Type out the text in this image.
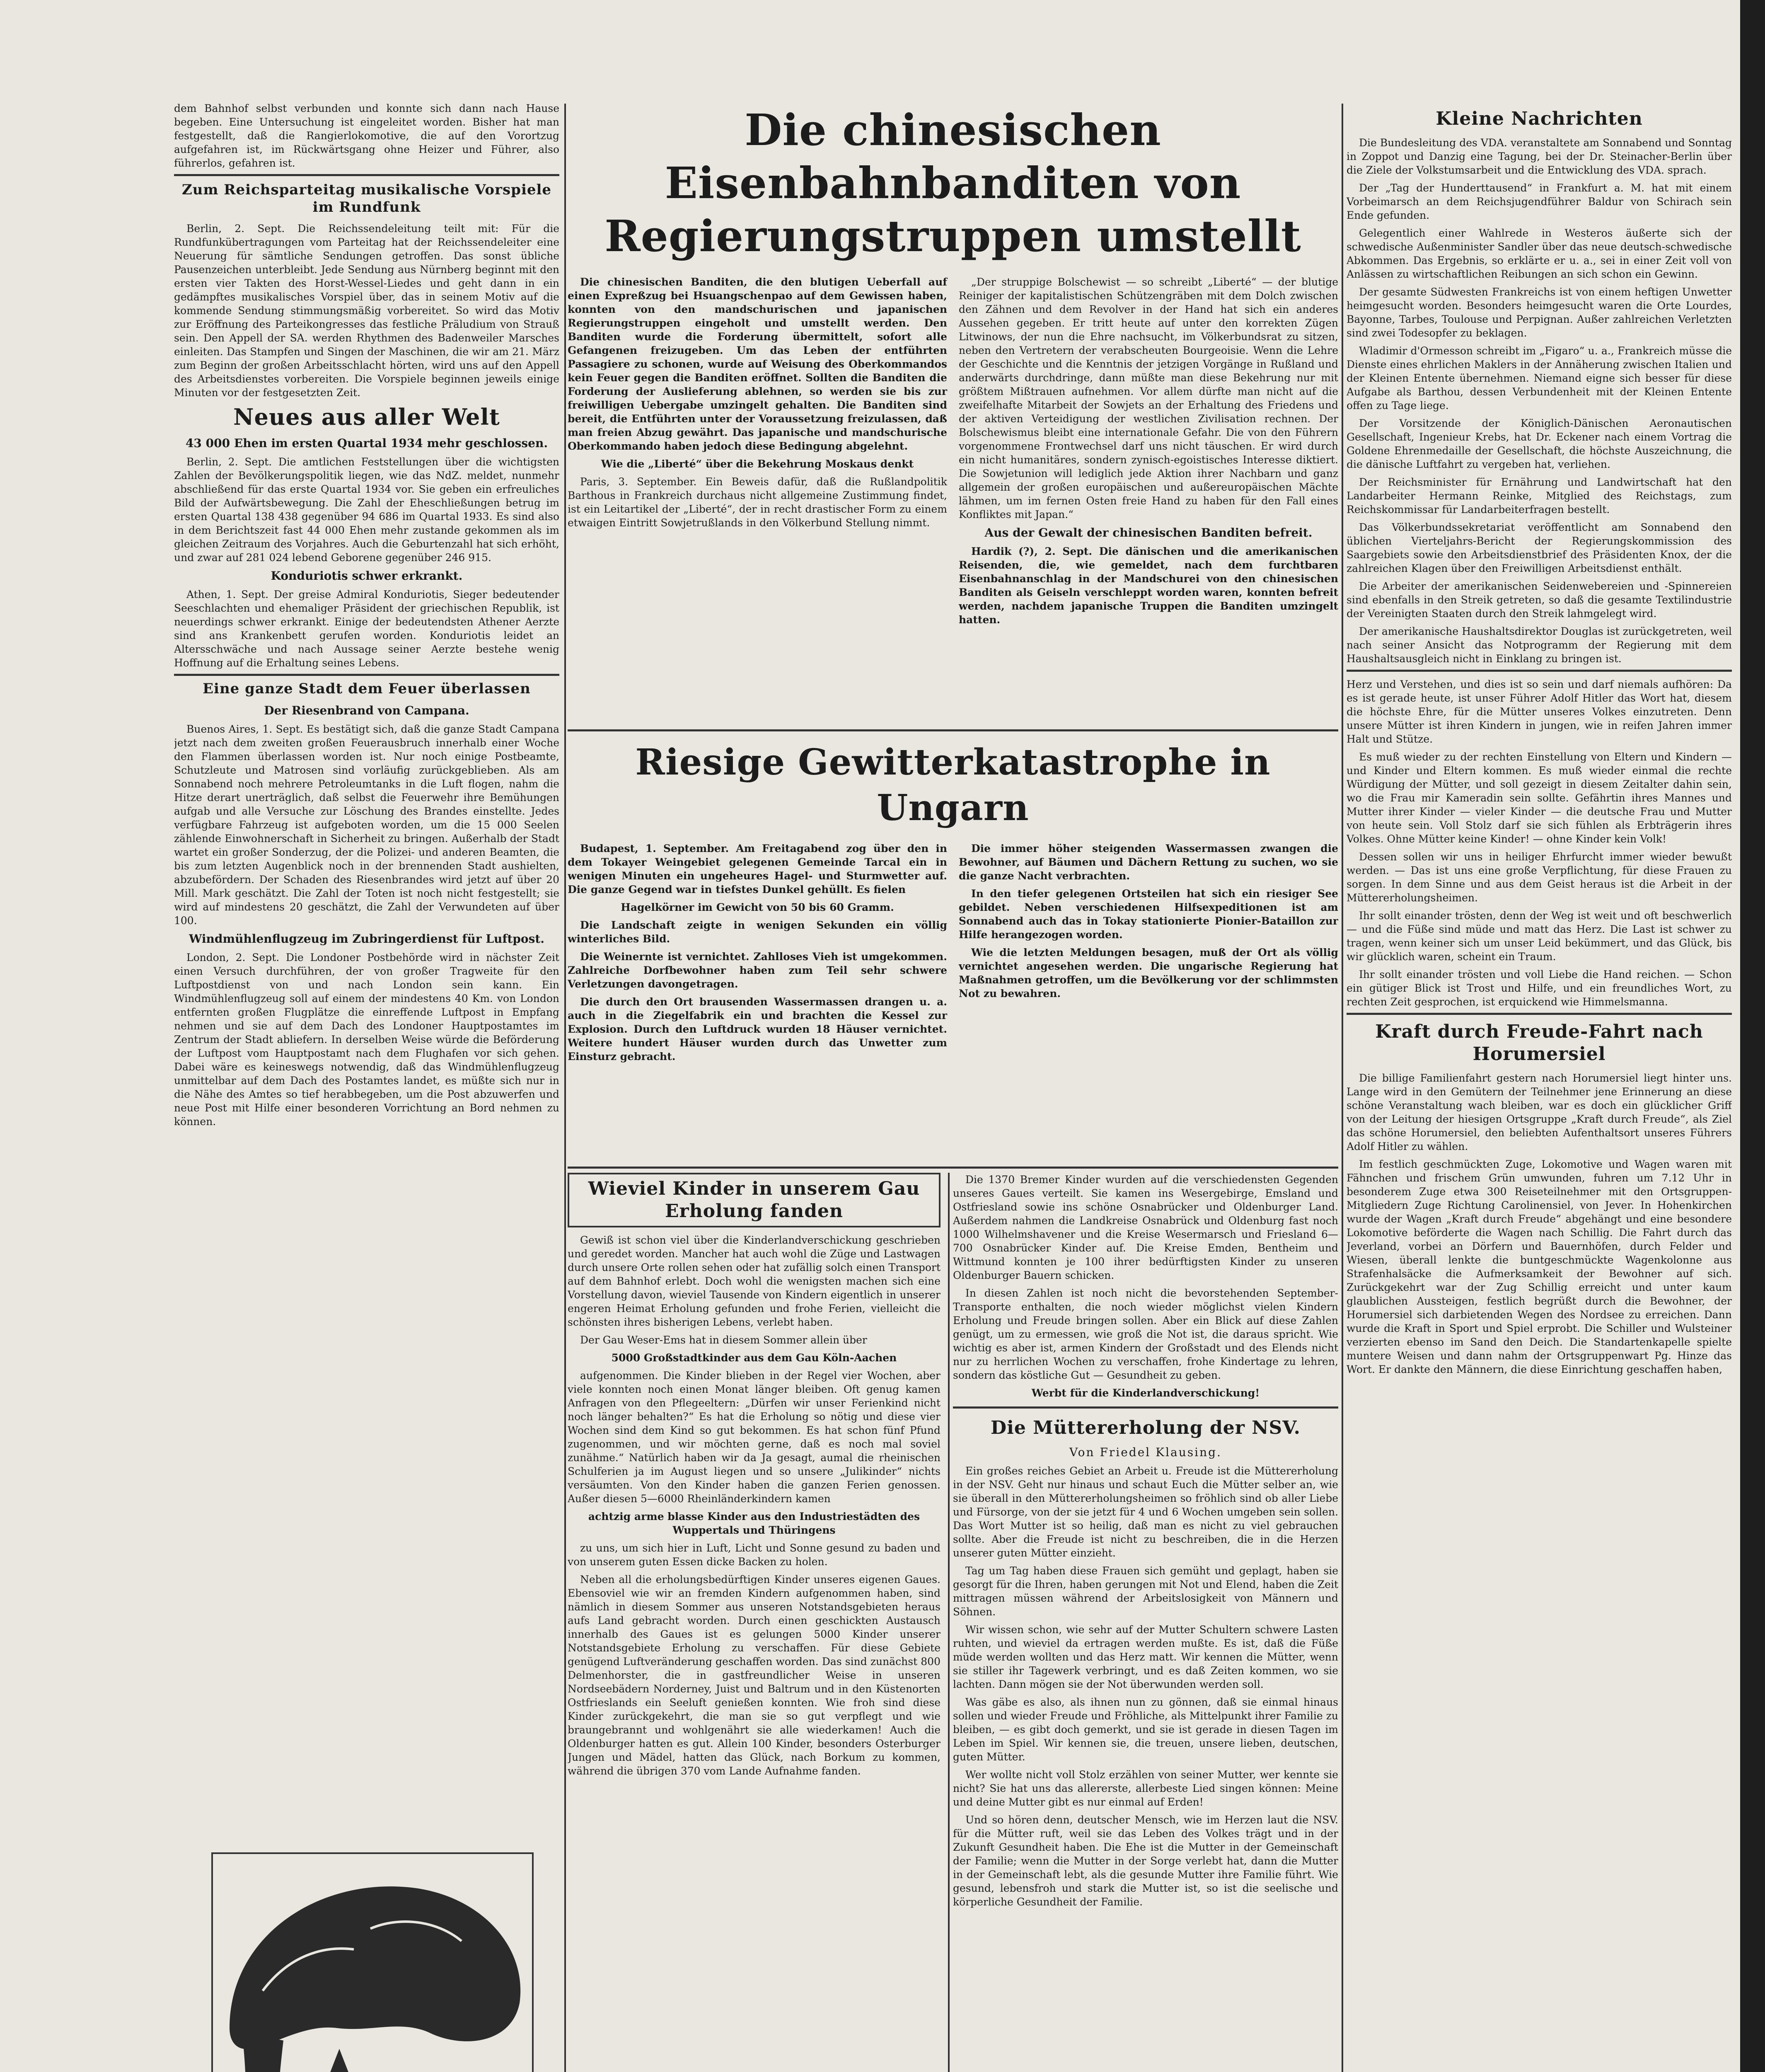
dem Bahnhof selbst verbunden und konnte sich dann nach Hause begeben. Eine Untersuchung ist eingeleitet worden. Bisher hat man festgestellt, daß die Rangierlokomotive, die auf den Vorortzug aufgefahren ist, im Rückwärtsgang ohne Heizer und Führer, also führerlos, gefahren ist.

Zum Reichsparteitag musikalische Vorspiele im Rundfunk

Berlin, 2. Sept. Die Reichssendeleitung teilt mit: Für die Rundfunkübertragungen vom Parteitag hat der Reichssendeleiter eine Neuerung für sämtliche Sendungen getroffen. Das sonst übliche Pausenzeichen unterbleibt. Jede Sendung aus Nürnberg beginnt mit den ersten vier Takten des Horst-Wessel-Liedes und geht dann in ein gedämpftes musikalisches Vorspiel über, das in seinem Motiv auf die kommende Sendung stimmungsmäßig vorbereitet. So wird das Motiv zur Eröffnung des Parteikongresses das festliche Präludium von Strauß sein. Den Appell der SA. werden Rhythmen des Badenweiler Marsches einleiten. Das Stampfen und Singen der Maschinen, die wir am 21. März zum Beginn der großen Arbeitsschlacht hörten, wird uns auf den Appell des Arbeitsdienstes vorbereiten. Die Vorspiele beginnen jeweils einige Minuten vor der festgesetzten Zeit.

Neues aus aller Welt
43 000 Ehen im ersten Quartal 1934 mehr geschlossen.

Berlin, 2. Sept. Die amtlichen Feststellungen über die wichtigsten Zahlen der Bevölkerungspolitik liegen, wie das NdZ. meldet, nunmehr abschließend für das erste Quartal 1934 vor. Sie geben ein erfreuliches Bild der Aufwärtsbewegung. Die Zahl der Eheschließungen betrug im ersten Quartal 138 438 gegenüber 94 686 im Quartal 1933. Es sind also in dem Berichtszeit fast 44 000 Ehen mehr zustande gekommen als im gleichen Zeitraum des Vorjahres. Auch die Geburtenzahl hat sich erhöht, und zwar auf 281 024 lebend Geborene gegenüber 246 915.

Konduriotis schwer erkrankt.

Athen, 1. Sept. Der greise Admiral Konduriotis, Sieger bedeutender Seeschlachten und ehemaliger Präsident der griechischen Republik, ist neuerdings schwer erkrankt. Einige der bedeutendsten Athener Aerzte sind ans Krankenbett gerufen worden. Konduriotis leidet an Altersschwäche und nach Aussage seiner Aerzte bestehe wenig Hoffnung auf die Erhaltung seines Lebens.

Eine ganze Stadt dem Feuer überlassen
Der Riesenbrand von Campana.

Buenos Aires, 1. Sept. Es bestätigt sich, daß die ganze Stadt Campana jetzt nach dem zweiten großen Feuerausbruch innerhalb einer Woche den Flammen überlassen worden ist. Nur noch einige Postbeamte, Schutzleute und Matrosen sind vorläufig zurückgeblieben. Als am Sonnabend noch mehrere Petroleumtanks in die Luft flogen, nahm die Hitze derart unerträglich, daß selbst die Feuerwehr ihre Bemühungen aufgab und alle Versuche zur Löschung des Brandes einstellte. Jedes verfügbare Fahrzeug ist aufgeboten worden, um die 15 000 Seelen zählende Einwohnerschaft in Sicherheit zu bringen. Außerhalb der Stadt wartet ein großer Sonderzug, der die Polizei- und anderen Beamten, die bis zum letzten Augenblick noch in der brennenden Stadt aushielten, abzubefördern. Der Schaden des Riesenbrandes wird jetzt auf über 20 Mill. Mark geschätzt. Die Zahl der Toten ist noch nicht festgestellt; sie wird auf mindestens 20 geschätzt, die Zahl der Verwundeten auf über 100.

Windmühlenflugzeug im Zubringerdienst für Luftpost.

London, 2. Sept. Die Londoner Postbehörde wird in nächster Zeit einen Versuch durchführen, der von großer Tragweite für den Luftpostdienst von und nach London sein kann. Ein Windmühlenflugzeug soll auf einem der mindestens 40 Km. von London entfernten großen Flugplätze die einreffende Luftpost in Empfang nehmen und sie auf dem Dach des Londoner Hauptpostamtes im Zentrum der Stadt abliefern. In derselben Weise würde die Beförderung der Luftpost vom Hauptpostamt nach dem Flughafen vor sich gehen. Dabei wäre es keineswegs notwendig, daß das Windmühlenflugzeug unmittelbar auf dem Dach des Postamtes landet, es müßte sich nur in die Nähe des Amtes so tief herabbegeben, um die Post abzuwerfen und neue Post mit Hilfe einer besonderen Vorrichtung an Bord nehmen zu können.

Die chinesischen Eisenbahnbanditen von Regierungstruppen umstellt

Die chinesischen Banditen, die den blutigen Ueberfall auf einen Expreßzug bei Hsuangschenpao auf dem Gewissen haben, konnten von den mandschurischen und japanischen Regierungstruppen eingeholt und umstellt werden. Den Banditen wurde die Forderung übermittelt, sofort alle Gefangenen freizugeben. Um das Leben der entführten Passagiere zu schonen, wurde auf Weisung des Oberkommandos kein Feuer gegen die Banditen eröffnet. Sollten die Banditen die Forderung der Auslieferung ablehnen, so werden sie bis zur freiwilligen Uebergabe umzingelt gehalten. Die Banditen sind bereit, die Entführten unter der Voraussetzung freizulassen, daß man freien Abzug gewährt. Das japanische und mandschurische Oberkommando haben jedoch diese Bedingung abgelehnt.

Wie die „Liberté“ über die Bekehrung Moskaus denkt

Paris, 3. September. Ein Beweis dafür, daß die Rußlandpolitik Barthous in Frankreich durchaus nicht allgemeine Zustimmung findet, ist ein Leitartikel der „Liberté“, der in recht drastischer Form zu einem etwaigen Eintritt Sowjetrußlands in den Völkerbund Stellung nimmt.

„Der struppige Bolschewist — so schreibt „Liberté“ — der blutige Reiniger der kapitalistischen Schützengräben mit dem Dolch zwischen den Zähnen und dem Revolver in der Hand hat sich ein anderes Aussehen gegeben. Er tritt heute auf unter den korrekten Zügen Litwinows, der nun die Ehre nachsucht, im Völkerbundsrat zu sitzen, neben den Vertretern der verabscheuten Bourgeoisie. Wenn die Lehre der Geschichte und die Kenntnis der jetzigen Vorgänge in Rußland und anderwärts durchdringe, dann müßte man diese Bekehrung nur mit größtem Mißtrauen aufnehmen. Vor allem dürfte man nicht auf die zweifelhafte Mitarbeit der Sowjets an der Erhaltung des Friedens und der aktiven Verteidigung der westlichen Zivilisation rechnen. Der Bolschewismus bleibt eine internationale Gefahr. Die von den Führern vorgenommene Frontwechsel darf uns nicht täuschen. Er wird durch ein nicht humanitäres, sondern zynisch-egoistisches Interesse diktiert. Die Sowjetunion will lediglich jede Aktion ihrer Nachbarn und ganz allgemein der großen europäischen und außereuropäischen Mächte lähmen, um im fernen Osten freie Hand zu haben für den Fall eines Konfliktes mit Japan.“

Aus der Gewalt der chinesischen Banditen befreit.

Hardik (?), 2. Sept. Die dänischen und die amerikanischen Reisenden, die, wie gemeldet, nach dem furchtbaren Eisenbahnanschlag in der Mandschurei von den chinesischen Banditen als Geiseln verschleppt worden waren, konnten befreit werden, nachdem japanische Truppen die Banditen umzingelt hatten.

Riesige Gewitterkatastrophe in Ungarn

Budapest, 1. September. Am Freitagabend zog über den in dem Tokayer Weingebiet gelegenen Gemeinde Tarcal ein in wenigen Minuten ein ungeheures Hagel- und Sturmwetter auf. Die ganze Gegend war in tiefstes Dunkel gehüllt. Es fielen

Hagelkörner im Gewicht von 50 bis 60 Gramm.

Die Landschaft zeigte in wenigen Sekunden ein völlig winterliches Bild.

Die Weinernte ist vernichtet. Zahlloses Vieh ist umgekommen. Zahlreiche Dorfbewohner haben zum Teil sehr schwere Verletzungen davongetragen.

Die durch den Ort brausenden Wassermassen drangen u. a. auch in die Ziegelfabrik ein und brachten die Kessel zur Explosion. Durch den Luftdruck wurden 18 Häuser vernichtet. Weitere hundert Häuser wurden durch das Unwetter zum Einsturz gebracht.

Die immer höher steigenden Wassermassen zwangen die Bewohner, auf Bäumen und Dächern Rettung zu suchen, wo sie die ganze Nacht verbrachten.

In den tiefer gelegenen Ortsteilen hat sich ein riesiger See gebildet. Neben verschiedenen Hilfsexpeditionen ist am Sonnabend auch das in Tokay stationierte Pionier-Bataillon zur Hilfe herangezogen worden.

Wie die letzten Meldungen besagen, muß der Ort als völlig vernichtet angesehen werden. Die ungarische Regierung hat Maßnahmen getroffen, um die Bevölkerung vor der schlimmsten Not zu bewahren.

Wieviel Kinder in unserem Gau Erholung fanden

Gewiß ist schon viel über die Kinderlandverschickung geschrieben und geredet worden. Mancher hat auch wohl die Züge und Lastwagen durch unsere Orte rollen sehen oder hat zufällig solch einen Transport auf dem Bahnhof erlebt. Doch wohl die wenigsten machen sich eine Vorstellung davon, wieviel Tausende von Kindern eigentlich in unserer engeren Heimat Erholung gefunden und frohe Ferien, vielleicht die schönsten ihres bisherigen Lebens, verlebt haben.

Der Gau Weser-Ems hat in diesem Sommer allein über

5000 Großstadtkinder aus dem Gau Köln-Aachen

aufgenommen. Die Kinder blieben in der Regel vier Wochen, aber viele konnten noch einen Monat länger bleiben. Oft genug kamen Anfragen von den Pflegeeltern: „Dürfen wir unser Ferienkind nicht noch länger behalten?“ Es hat die Erholung so nötig und diese vier Wochen sind dem Kind so gut bekommen. Es hat schon fünf Pfund zugenommen, und wir möchten gerne, daß es noch mal soviel zunähme.“ Natürlich haben wir da Ja gesagt, aumal die rheinischen Schulferien ja im August liegen und so unsere „Julikinder“ nichts versäumten. Von den Kinder haben die ganzen Ferien genossen. Außer diesen 5—6000 Rheinländerkindern kamen

achtzig arme blasse Kinder aus den Industriestädten des Wuppertals und Thüringens

zu uns, um sich hier in Luft, Licht und Sonne gesund zu baden und von unserem guten Essen dicke Backen zu holen.

Neben all die erholungsbedürftigen Kinder unseres eigenen Gaues. Ebensoviel wie wir an fremden Kindern aufgenommen haben, sind nämlich in diesem Sommer aus unseren Notstandsgebieten heraus aufs Land gebracht worden. Durch einen geschickten Austausch innerhalb des Gaues ist es gelungen 5000 Kinder unserer Notstandsgebiete Erholung zu verschaffen. Für diese Gebiete genügend Luftveränderung geschaffen worden. Das sind zunächst 800 Delmenhorster, die in gastfreundlicher Weise in unseren Nordseebädern Norderney, Juist und Baltrum und in den Küstenorten Ostfrieslands ein Seeluft genießen konnten. Wie froh sind diese Kinder zurückgekehrt, die man sie so gut verpflegt und wie braungebrannt und wohlgenährt sie alle wiederkamen! Auch die Oldenburger hatten es gut. Allein 100 Kinder, besonders Osterburger Jungen und Mädel, hatten das Glück, nach Borkum zu kommen, während die übrigen 370 vom Lande Aufnahme fanden.

Die 1370 Bremer Kinder wurden auf die verschiedensten Gegenden unseres Gaues verteilt. Sie kamen ins Wesergebirge, Emsland und Ostfriesland sowie ins schöne Osnabrücker und Oldenburger Land. Außerdem nahmen die Landkreise Osnabrück und Oldenburg fast noch 1000 Wilhelmshavener und die Kreise Wesermarsch und Friesland 6—700 Osnabrücker Kinder auf. Die Kreise Emden, Bentheim und Wittmund konnten je 100 ihrer bedürftigsten Kinder zu unseren Oldenburger Bauern schicken.

In diesen Zahlen ist noch nicht die bevorstehenden September-Transporte enthalten, die noch wieder möglichst vielen Kindern Erholung und Freude bringen sollen. Aber ein Blick auf diese Zahlen genügt, um zu ermessen, wie groß die Not ist, die daraus spricht. Wie wichtig es aber ist, armen Kindern der Großstadt und des Elends nicht nur zu herrlichen Wochen zu verschaffen, frohe Kindertage zu lehren, sondern das köstliche Gut — Gesundheit zu geben.

Werbt für die Kinderlandverschickung!

Die Müttererholung der NSV.
Von Friedel Klausing.

Ein großes reiches Gebiet an Arbeit u. Freude ist die Müttererholung in der NSV. Geht nur hinaus und schaut Euch die Mütter selber an, wie sie überall in den Müttererholungsheimen so fröhlich sind ob aller Liebe und Fürsorge, von der sie jetzt für 4 und 6 Wochen umgeben sein sollen. Das Wort Mutter ist so heilig, daß man es nicht zu viel gebrauchen sollte. Aber die Freude ist nicht zu beschreiben, die in die Herzen unserer guten Mütter einzieht.

Tag um Tag haben diese Frauen sich gemüht und geplagt, haben sie gesorgt für die Ihren, haben gerungen mit Not und Elend, haben die Zeit mittragen müssen während der Arbeitslosigkeit von Männern und Söhnen.

Wir wissen schon, wie sehr auf der Mutter Schultern schwere Lasten ruhten, und wieviel da ertragen werden mußte. Es ist, daß die Füße müde werden wollten und das Herz matt. Wir kennen die Mütter, wenn sie stiller ihr Tagewerk verbringt, und es daß Zeiten kommen, wo sie lachten. Dann mögen sie der Not überwunden werden soll.

Was gäbe es also, als ihnen nun zu gönnen, daß sie einmal hinaus sollen und wieder Freude und Fröhliche, als Mittelpunkt ihrer Familie zu bleiben, — es gibt doch gemerkt, und sie ist gerade in diesen Tagen im Leben im Spiel. Wir kennen sie, die treuen, unsere lieben, deutschen, guten Mütter.

Wer wollte nicht voll Stolz erzählen von seiner Mutter, wer kennte sie nicht? Sie hat uns das allererste, allerbeste Lied singen können: Meine und deine Mutter gibt es nur einmal auf Erden!

Und so hören denn, deutscher Mensch, wie im Herzen laut die NSV. für die Mütter ruft, weil sie das Leben des Volkes trägt und in der Zukunft Gesundheit haben. Die Ehe ist die Mutter in der Gemeinschaft der Familie; wenn die Mutter in der Sorge verlebt hat, dann die Mutter in der Gemeinschaft lebt, als die gesunde Mutter ihre Familie führt. Wie gesund, lebensfroh und stark die Mutter ist, so ist die seelische und körperliche Gesundheit der Familie.

Kleine Nachrichten

Die Bundesleitung des VDA. veranstaltete am Sonnabend und Sonntag in Zoppot und Danzig eine Tagung, bei der Dr. Steinacher-Berlin über die Ziele der Volkstumsarbeit und die Entwicklung des VDA. sprach.

Der „Tag der Hunderttausend“ in Frankfurt a. M. hat mit einem Vorbeimarsch an dem Reichsjugendführer Baldur von Schirach sein Ende gefunden.

Gelegentlich einer Wahlrede in Westeros äußerte sich der schwedische Außenminister Sandler über das neue deutsch-schwedische Abkommen. Das Ergebnis, so erklärte er u. a., sei in einer Zeit voll von Anlässen zu wirtschaftlichen Reibungen an sich schon ein Gewinn.

Der gesamte Südwesten Frankreichs ist von einem heftigen Unwetter heimgesucht worden. Besonders heimgesucht waren die Orte Lourdes, Bayonne, Tarbes, Toulouse und Perpignan. Außer zahlreichen Verletzten sind zwei Todesopfer zu beklagen.

Wladimir d'Ormesson schreibt im „Figaro“ u. a., Frankreich müsse die Dienste eines ehrlichen Maklers in der Annäherung zwischen Italien und der Kleinen Entente übernehmen. Niemand eigne sich besser für diese Aufgabe als Barthou, dessen Verbundenheit mit der Kleinen Entente offen zu Tage liege.

Der Vorsitzende der Königlich-Dänischen Aeronautischen Gesellschaft, Ingenieur Krebs, hat Dr. Eckener nach einem Vortrag die Goldene Ehrenmedaille der Gesellschaft, die höchste Auszeichnung, die die dänische Luftfahrt zu vergeben hat, verliehen.

Der Reichsminister für Ernährung und Landwirtschaft hat den Landarbeiter Hermann Reinke, Mitglied des Reichstags, zum Reichskommissar für Landarbeiterfragen bestellt.

Das Völkerbundssekretariat veröffentlicht am Sonnabend den üblichen Vierteljahrs-Bericht der Regierungskommission des Saargebiets sowie den Arbeitsdienstbrief des Präsidenten Knox, der die zahlreichen Klagen über den Freiwilligen Arbeitsdienst enthält.

Die Arbeiter der amerikanischen Seidenwebereien und -Spinnereien sind ebenfalls in den Streik getreten, so daß die gesamte Textilindustrie der Vereinigten Staaten durch den Streik lahmgelegt wird.

Der amerikanische Haushaltsdirektor Douglas ist zurückgetreten, weil nach seiner Ansicht das Notprogramm der Regierung mit dem Haushaltsausgleich nicht in Einklang zu bringen ist.

Herz und Verstehen, und dies ist so sein und darf niemals aufhören: Da es ist gerade heute, ist unser Führer Adolf Hitler das Wort hat, diesem die höchste Ehre, für die Mütter unseres Volkes einzutreten. Denn unsere Mütter ist ihren Kindern in jungen, wie in reifen Jahren immer Halt und Stütze.

Es muß wieder zu der rechten Einstellung von Eltern und Kindern — und Kinder und Eltern kommen. Es muß wieder einmal die rechte Würdigung der Mütter, und soll gezeigt in diesem Zeitalter dahin sein, wo die Frau mir Kameradin sein sollte. Gefährtin ihres Mannes und Mutter ihrer Kinder — vieler Kinder — die deutsche Frau und Mutter von heute sein. Voll Stolz darf sie sich fühlen als Erbträgerin ihres Volkes. Ohne Mütter keine Kinder! — ohne Kinder kein Volk!

Dessen sollen wir uns in heiliger Ehrfurcht immer wieder bewußt werden. — Das ist uns eine große Verpflichtung, für diese Frauen zu sorgen. In dem Sinne und aus dem Geist heraus ist die Arbeit in der Müttererholungsheimen.

Ihr sollt einander trösten, denn der Weg ist weit und oft beschwerlich — und die Füße sind müde und matt das Herz. Die Last ist schwer zu tragen, wenn keiner sich um unser Leid bekümmert, und das Glück, bis wir glücklich waren, scheint ein Traum.

Ihr sollt einander trösten und voll Liebe die Hand reichen. — Schon ein gütiger Blick ist Trost und Hilfe, und ein freundliches Wort, zu rechten Zeit gesprochen, ist erquickend wie Himmelsmanna.

Kraft durch Freude-Fahrt nach Horumersiel

Die billige Familienfahrt gestern nach Horumersiel liegt hinter uns. Lange wird in den Gemütern der Teilnehmer jene Erinnerung an diese schöne Veranstaltung wach bleiben, war es doch ein glücklicher Griff von der Leitung der hiesigen Ortsgruppe „Kraft durch Freude“, als Ziel das schöne Horumersiel, den beliebten Aufenthaltsort unseres Führers Adolf Hitler zu wählen.

Im festlich geschmückten Zuge, Lokomotive und Wagen waren mit Fähnchen und frischem Grün umwunden, fuhren um 7.12 Uhr in besonderem Zuge etwa 300 Reiseteilnehmer mit den Ortsgruppen-Mitgliedern Zuge Richtung Carolinensiel, von Jever. In Hohenkirchen wurde der Wagen „Kraft durch Freude“ abgehängt und eine besondere Lokomotive beförderte die Wagen nach Schillig. Die Fahrt durch das Jeverland, vorbei an Dörfern und Bauernhöfen, durch Felder und Wiesen, überall lenkte die buntgeschmückte Wagenkolonne aus Strafenhalsäcke die Aufmerksamkeit der Bewohner auf sich. Zurückgekehrt war der Zug Schillig erreicht und unter kaum glaublichen Aussteigen, festlich begrüßt durch die Bewohner, der Horumersiel sich darbietenden Wegen des Nordsee zu erreichen. Dann wurde die Kraft in Sport und Spiel erprobt. Die Schiller und Wulsteiner verzierten ebenso im Sand den Deich. Die Standartenkapelle spielte muntere Weisen und dann nahm der Ortsgruppenwart Pg. Hinze das Wort. Er dankte den Männern, die diese Einrichtung geschaffen haben,
